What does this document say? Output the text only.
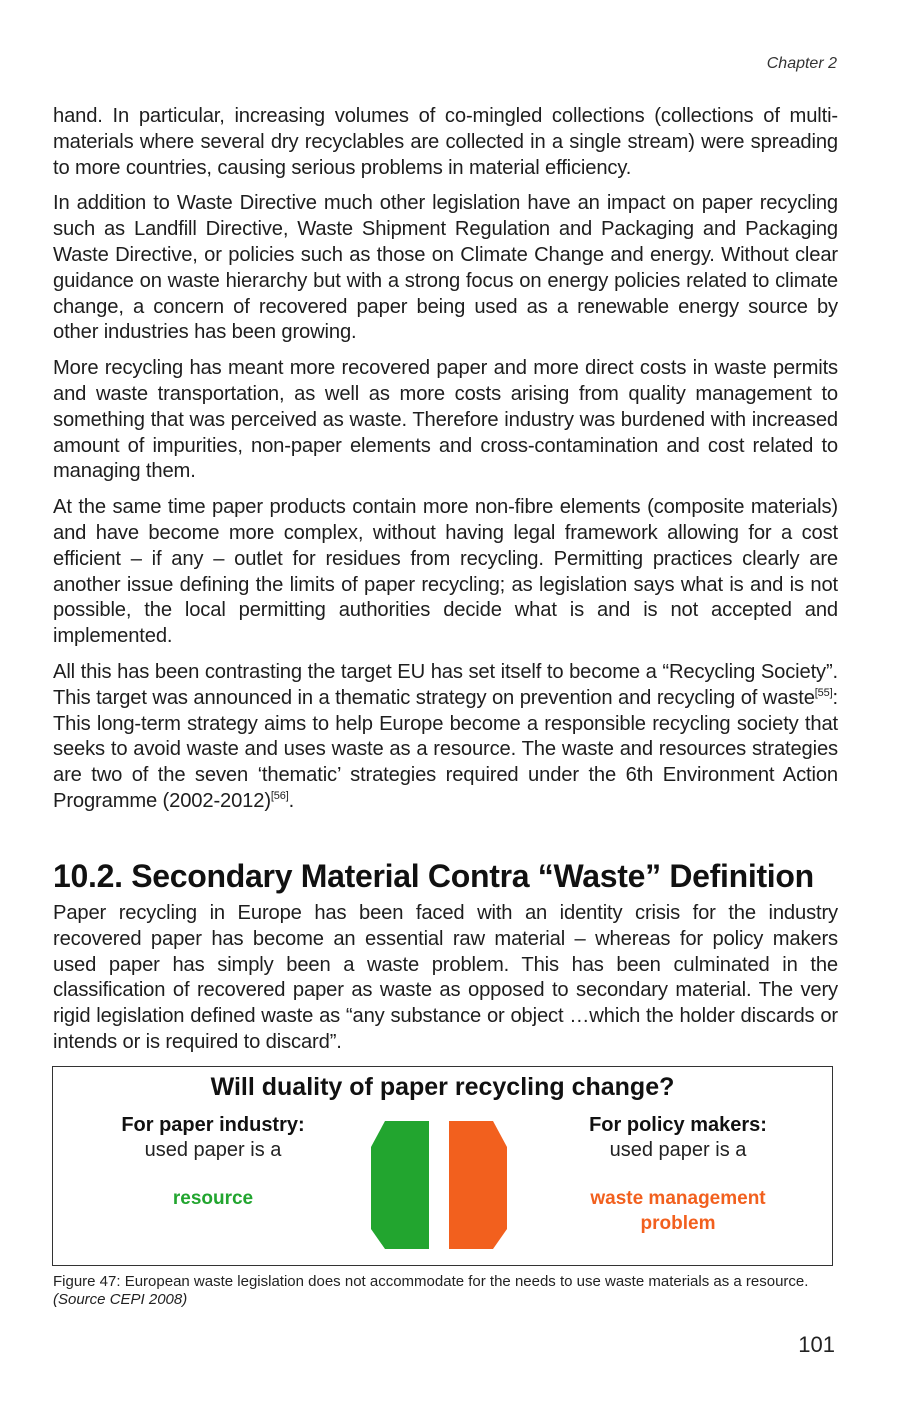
Chapter 2

hand. In particular, increasing volumes of co-mingled collections (collections of multi-materials where several dry recyclables are collected in a single stream) were spreading to more countries, causing serious problems in material efficiency.

In addition to Waste Directive much other legislation have an impact on paper recycling such as Landfill Directive, Waste Shipment Regulation and Packaging and Packaging Waste Directive, or policies such as those on Climate Change and energy. Without clear guidance on waste hierarchy but with a strong focus on energy policies related to climate change, a concern of recovered paper being used as a renewable energy source by other industries has been growing.

More recycling has meant more recovered paper and more direct costs in waste permits and waste transportation, as well as more costs arising from quality management to something that was perceived as waste. Therefore industry was burdened with increased amount of impurities, non-paper elements and cross-contamination and cost related to managing them.

At the same time paper products contain more non-fibre elements (composite materials) and have become more complex, without having legal framework allowing for a cost efficient – if any – outlet for residues from recycling. Permitting practices clearly are another issue defining the limits of paper recycling; as legislation says what is and is not possible, the local permitting authorities decide what is and is not accepted and implemented.

All this has been contrasting the target EU has set itself to become a “Recycling Society”. This target was announced in a thematic strategy on prevention and recycling of waste[55]: This long-term strategy aims to help Europe become a responsible recycling society that seeks to avoid waste and uses waste as a resource. The waste and resources strategies are two of the seven ‘thematic’ strategies required under the 6th Environment Action Programme (2002-2012)[56].

10.2. Secondary Material Contra “Waste” Definition

Paper recycling in Europe has been faced with an identity crisis for the industry recovered paper has become an essential raw material – whereas for policy makers used paper has simply been a waste problem. This has been culminated in the classification of recovered paper as waste as opposed to secondary material. The very rigid legislation defined waste as “any substance or object …which the holder discards or intends or is required to discard”.

Will duality of paper recycling change?
For paper industry:
used paper is a
resource
For policy makers:
used paper is a
waste management
problem

Figure 47: European waste legislation does not accommodate for the needs to use waste materials as a resource. (Source CEPI 2008)

101
